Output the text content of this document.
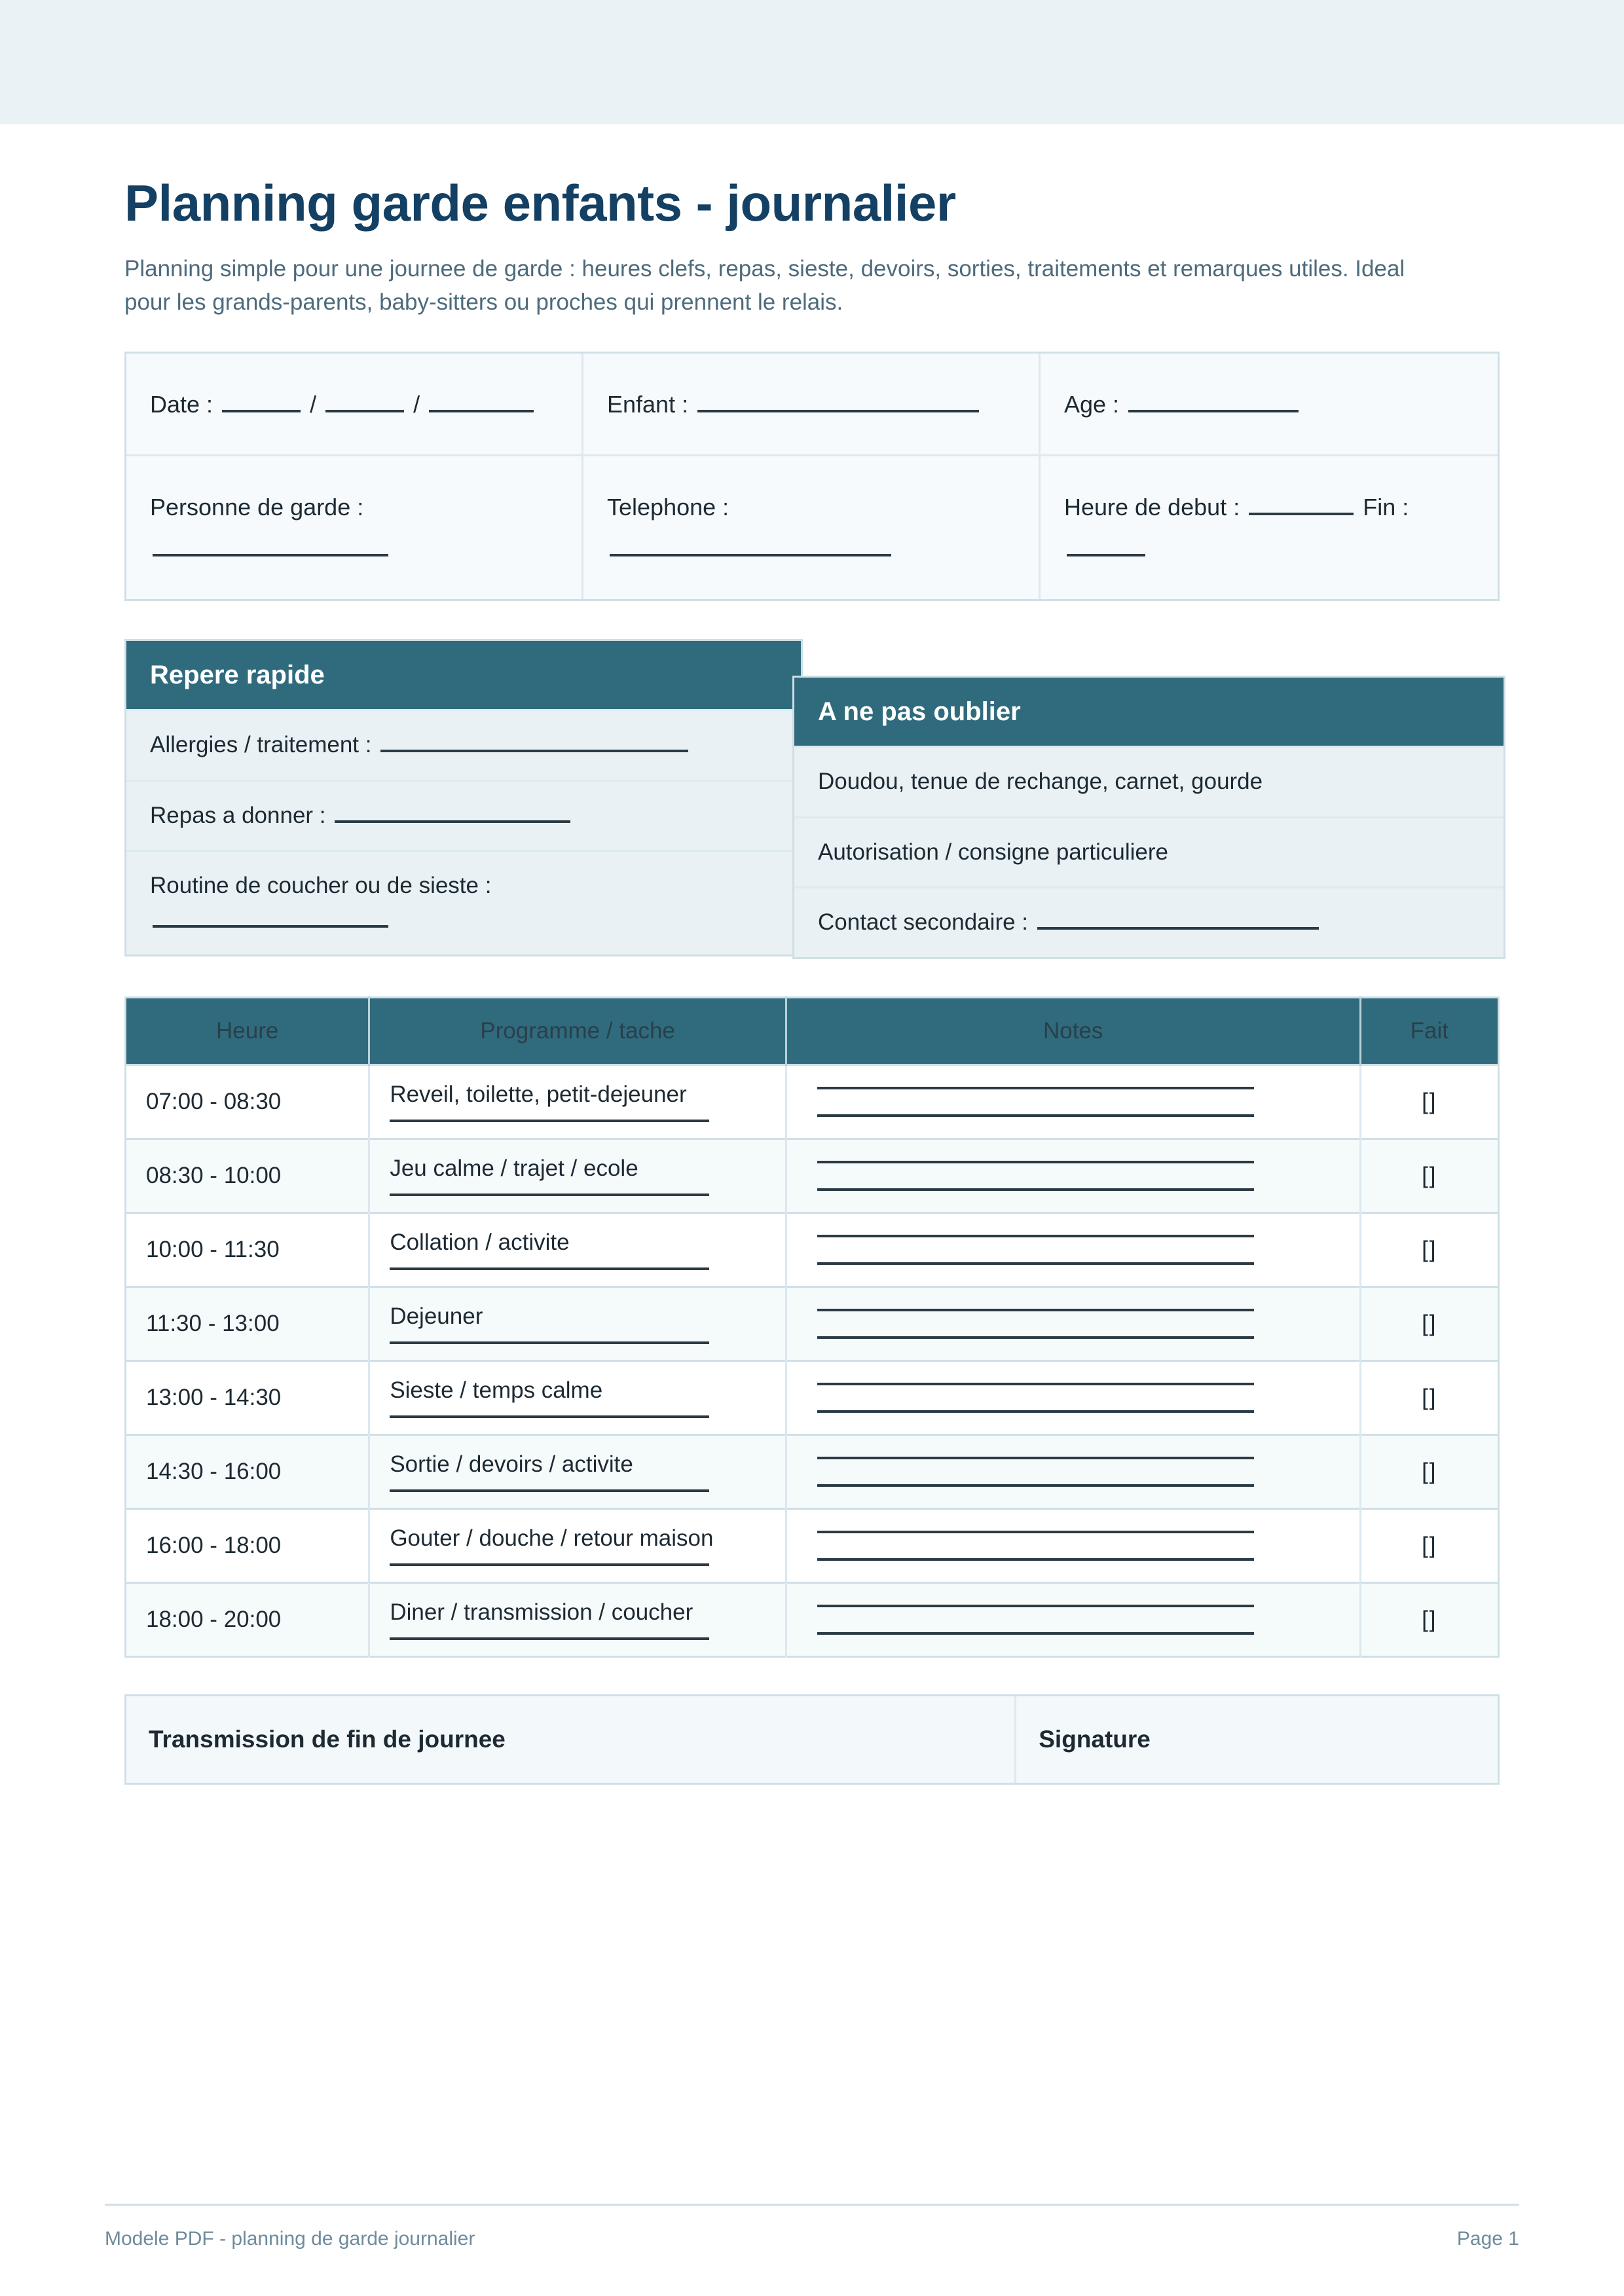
Planning garde enfants - journalier

Planning simple pour une journee de garde : heures clefs, repas, sieste, devoirs, sorties, traitements et remarques utiles. Ideal pour les grands-parents, baby-sitters ou proches qui prennent le relais.

Date :	/	/	Enfant :	Age :
Personne de garde :	Telephone :	Heure de debut :	Fin :

Repere rapide
Allergies / traitement :
Repas a donner :
Routine de coucher ou de sieste :

A ne pas oublier
Doudou, tenue de rechange, carnet, gourde
Autorisation / consigne particuliere
Contact secondaire :
Heure	Programme / tache	Notes	Fait
07:00 - 08:30	Reveil, toilette, petit-dejeuner		[]
08:30 - 10:00	Jeu calme / trajet / ecole		[]
10:00 - 11:30	Collation / activite		[]
11:30 - 13:00	Dejeuner		[]
13:00 - 14:30	Sieste / temps calme		[]
14:30 - 16:00	Sortie / devoirs / activite		[]
16:00 - 18:00	Gouter / douche / retour maison		[]
18:00 - 20:00	Diner / transmission / coucher		[]
Transmission de fin de journee	Signature
Modele PDF - planning de garde journalier	Page 1
